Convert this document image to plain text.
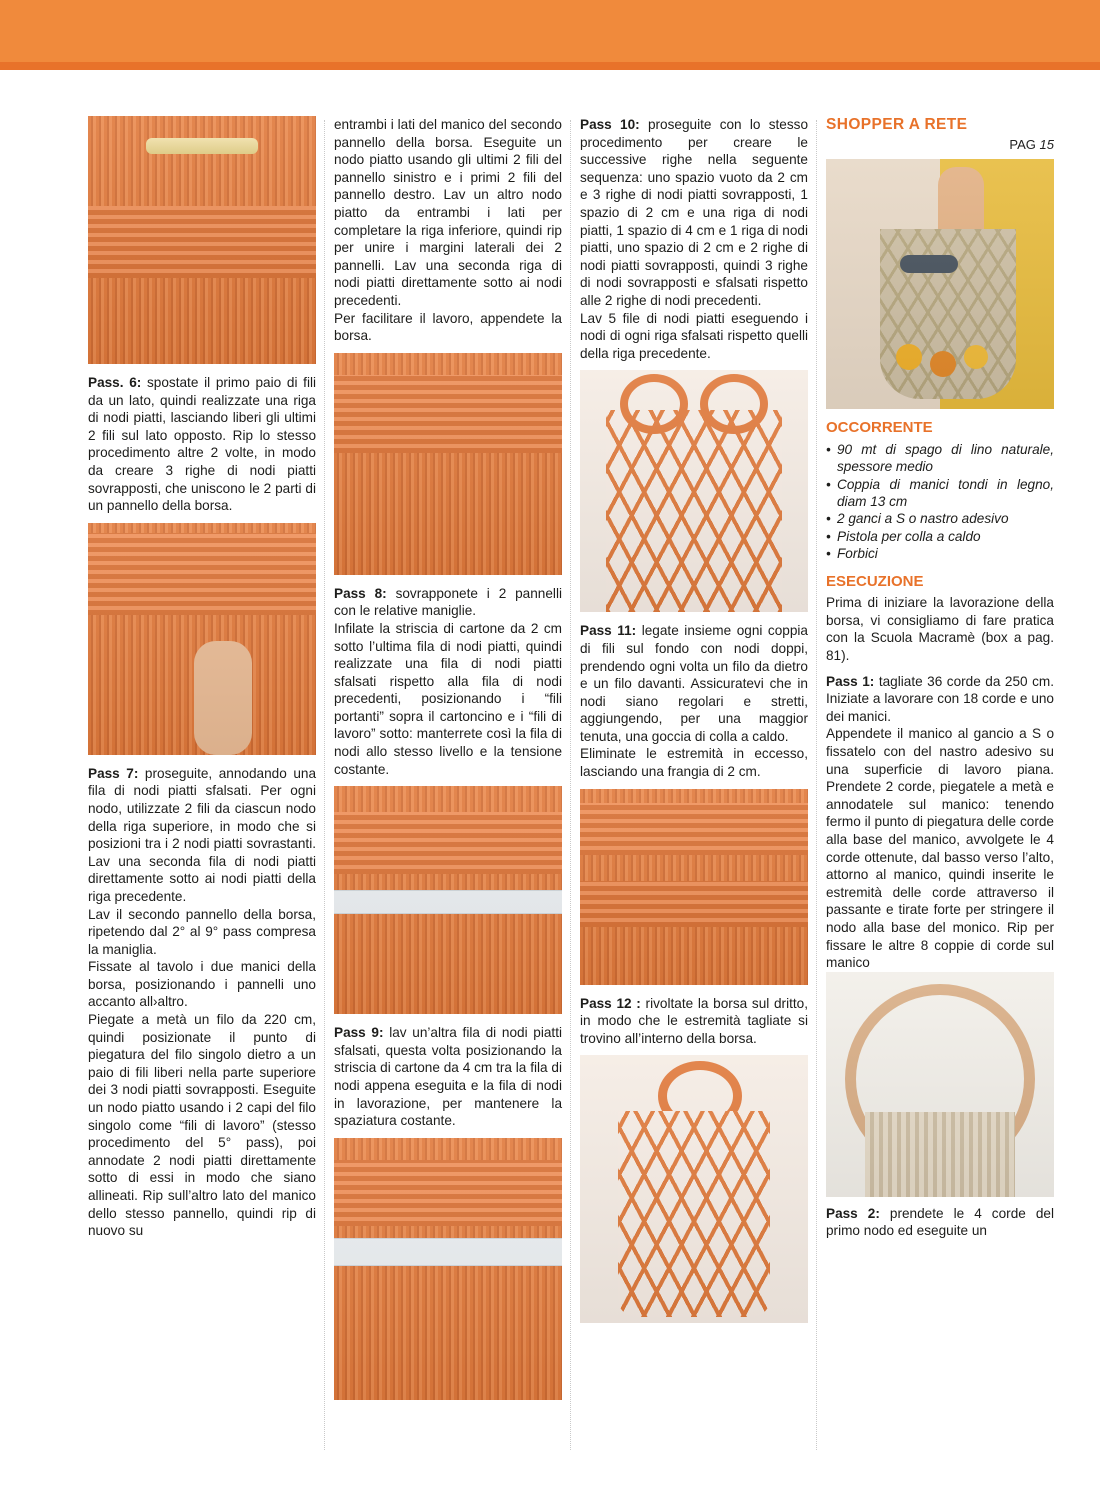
Pass. 6: spostate il primo paio di fili da un lato, quindi realizzate una riga di nodi piatti, lasciando liberi gli ultimi 2 fili sul lato opposto. Rip lo stesso procedimento altre 2 volte, in modo da creare 3 righe di nodi piatti sovrapposti, che uniscono le 2 parti di un pannello della borsa.

Pass 7: proseguite, annodando una fila di nodi piatti sfalsati. Per ogni nodo, utilizzate 2 fili da ciascun nodo della riga superiore, in modo che si posizioni tra i 2 nodi piatti sovrastanti. Lav una seconda fila di nodi piatti direttamente sotto ai nodi piatti della riga precedente.

Lav il secondo pannello della borsa, ripetendo dal 2° al 9° pass compresa la maniglia.

Fissate al tavolo i due manici della borsa, posizionando i pannelli uno accanto all›altro.

Piegate a metà un filo da 220 cm, quindi posizionate il punto di piegatura del filo singolo dietro a un paio di fili liberi nella parte superiore dei 3 nodi piatti sovrapposti. Eseguite un nodo piatto usando i 2 capi del filo singolo come “fili di lavoro” (stesso procedimento del 5° pass), poi annodate 2 nodi piatti direttamente sotto di essi in modo che siano allineati. Rip sull’altro lato del manico dello stesso pannello, quindi rip di nuovo su

entrambi i lati del manico del secondo pannello della borsa. Eseguite un nodo piatto usando gli ultimi 2 fili del pannello sinistro e i primi 2 fili del pannello destro. Lav un altro nodo piatto da entrambi i lati per completare la riga inferiore, quindi rip per unire i margini laterali dei 2 pannelli. Lav una seconda riga di nodi piatti direttamente sotto ai nodi precedenti.

Per facilitare il lavoro, appendete la borsa.

Pass 8: sovrapponete i 2 pannelli con le relative maniglie.

Infilate la striscia di cartone da 2 cm sotto l’ultima fila di nodi piatti, quindi realizzate una fila di nodi piatti sfalsati rispetto alla fila di nodi precedenti, posizionando i “fili portanti” sopra il cartoncino e i “fili di lavoro” sotto: manterrete così la fila di nodi allo stesso livello e la tensione costante.

Pass 9: lav un’altra fila di nodi piatti sfalsati, questa volta posizionando la striscia di cartone da 4 cm tra la fila di nodi appena eseguita e la fila di nodi in lavorazione, per mantenere la spaziatura costante.

Pass 10: proseguite con lo stesso procedimento per creare le successive righe nella seguente sequenza: uno spazio vuoto da 2 cm e 3 righe di nodi piatti sovrapposti, 1 spazio di 2 cm e una riga di nodi piatti, 1 spazio di 4 cm e 1 riga di nodi piatti, uno spazio di 2 cm e 2 righe di nodi piatti sovrapposti, quindi 3 righe di nodi sovrapposti e sfalsati rispetto alle 2 righe di nodi precedenti.

Lav 5 file di nodi piatti eseguendo i nodi di ogni riga sfalsati rispetto quelli della riga precedente.

Pass 11: legate insieme ogni coppia di fili sul fondo con nodi doppi, prendendo ogni volta un filo da dietro e un filo davanti. Assicuratevi che in nodi siano regolari e stretti, aggiungendo, per una maggior tenuta, una goccia di colla a caldo.

Eliminate le estremità in eccesso, lasciando una frangia di 2 cm.

Pass 12 : rivoltate la borsa sul dritto, in modo che le estremità tagliate si trovino all’interno della borsa.

SHOPPER A RETE
PAG 15
OCCORRENTE
• 90 mt di spago di lino naturale, spessore medio
• Coppia di manici tondi in legno, diam 13 cm
• 2 ganci a S o nastro adesivo
• Pistola per colla a caldo
• Forbici
ESECUZIONE

Prima di iniziare la lavorazione della borsa, vi consigliamo di fare pratica con la Scuola Macramè (box a pag. 81).

Pass 1: tagliate 36 corde da 250 cm. Iniziate a lavorare con 18 corde e uno dei manici.

Appendete il manico al gancio a S o fissatelo con del nastro adesivo su una superficie di lavoro piana. Prendete 2 corde, piegatele a metà e annodatele sul manico: tenendo fermo il punto di piegatura delle corde alla base del manico, avvolgete le 4 corde ottenute, dal basso verso l’alto, attorno al manico, quindi inserite le estremità delle corde attraverso il passante e tirate forte per stringere il nodo alla base del monico. Rip per fissare le altre 8 coppie di corde sul manico

Pass 2: prendete le 4 corde del primo nodo ed eseguite un
